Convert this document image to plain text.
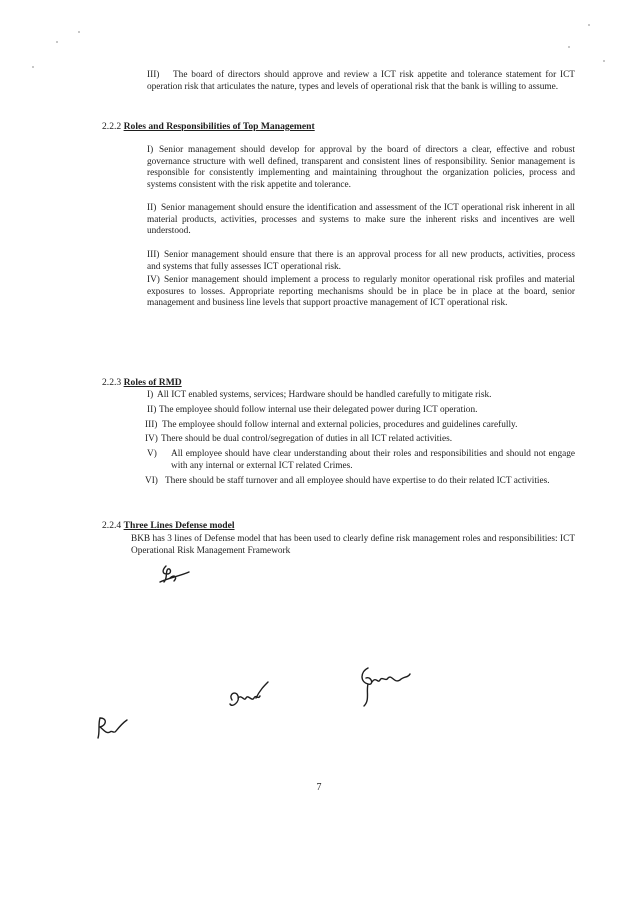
III)	The board of directors should approve and review a ICT risk appetite and tolerance statement for ICT operation risk that articulates the nature, types and levels of operational risk that the bank is willing to assume.
2.2.2 Roles and Responsibilities of Top Management
I) Senior management should develop for approval by the board of directors a clear, effective and robust governance structure with well defined, transparent and consistent lines of responsibility. Senior management is responsible for consistently implementing and maintaining throughout the organization policies, process and systems consistent with the risk appetite and tolerance.
II) Senior management should ensure the identification and assessment of the ICT operational risk inherent in all material products, activities, processes and systems to make sure the inherent risks and incentives are well understood.
III) Senior management should ensure that there is an approval process for all new products, activities, process and systems that fully assesses ICT operational risk.
IV) Senior management should implement a process to regularly monitor operational risk profiles and material exposures to losses. Appropriate reporting mechanisms should be in place be in place at the board, senior management and business line levels that support proactive management of ICT operational risk.
2.2.3 Roles of RMD
I) All ICT enabled systems, services; Hardware should be handled carefully to mitigate risk.
II) The employee should follow internal use their delegated power during ICT operation.
III) The employee should follow internal and external policies, procedures and guidelines carefully.
IV) There should be dual control/segregation of duties in all ICT related activities.
V)	All employee should have clear understanding about their roles and responsibilities and should not engage with any internal or external ICT related Crimes.
VI) There should be staff turnover and all employee should have expertise to do their related ICT activities.
2.2.4 Three Lines Defense model

BKB has 3 lines of Defense model that has been used to clearly define risk management roles and responsibilities: ICT Operational Risk Management Framework

7
